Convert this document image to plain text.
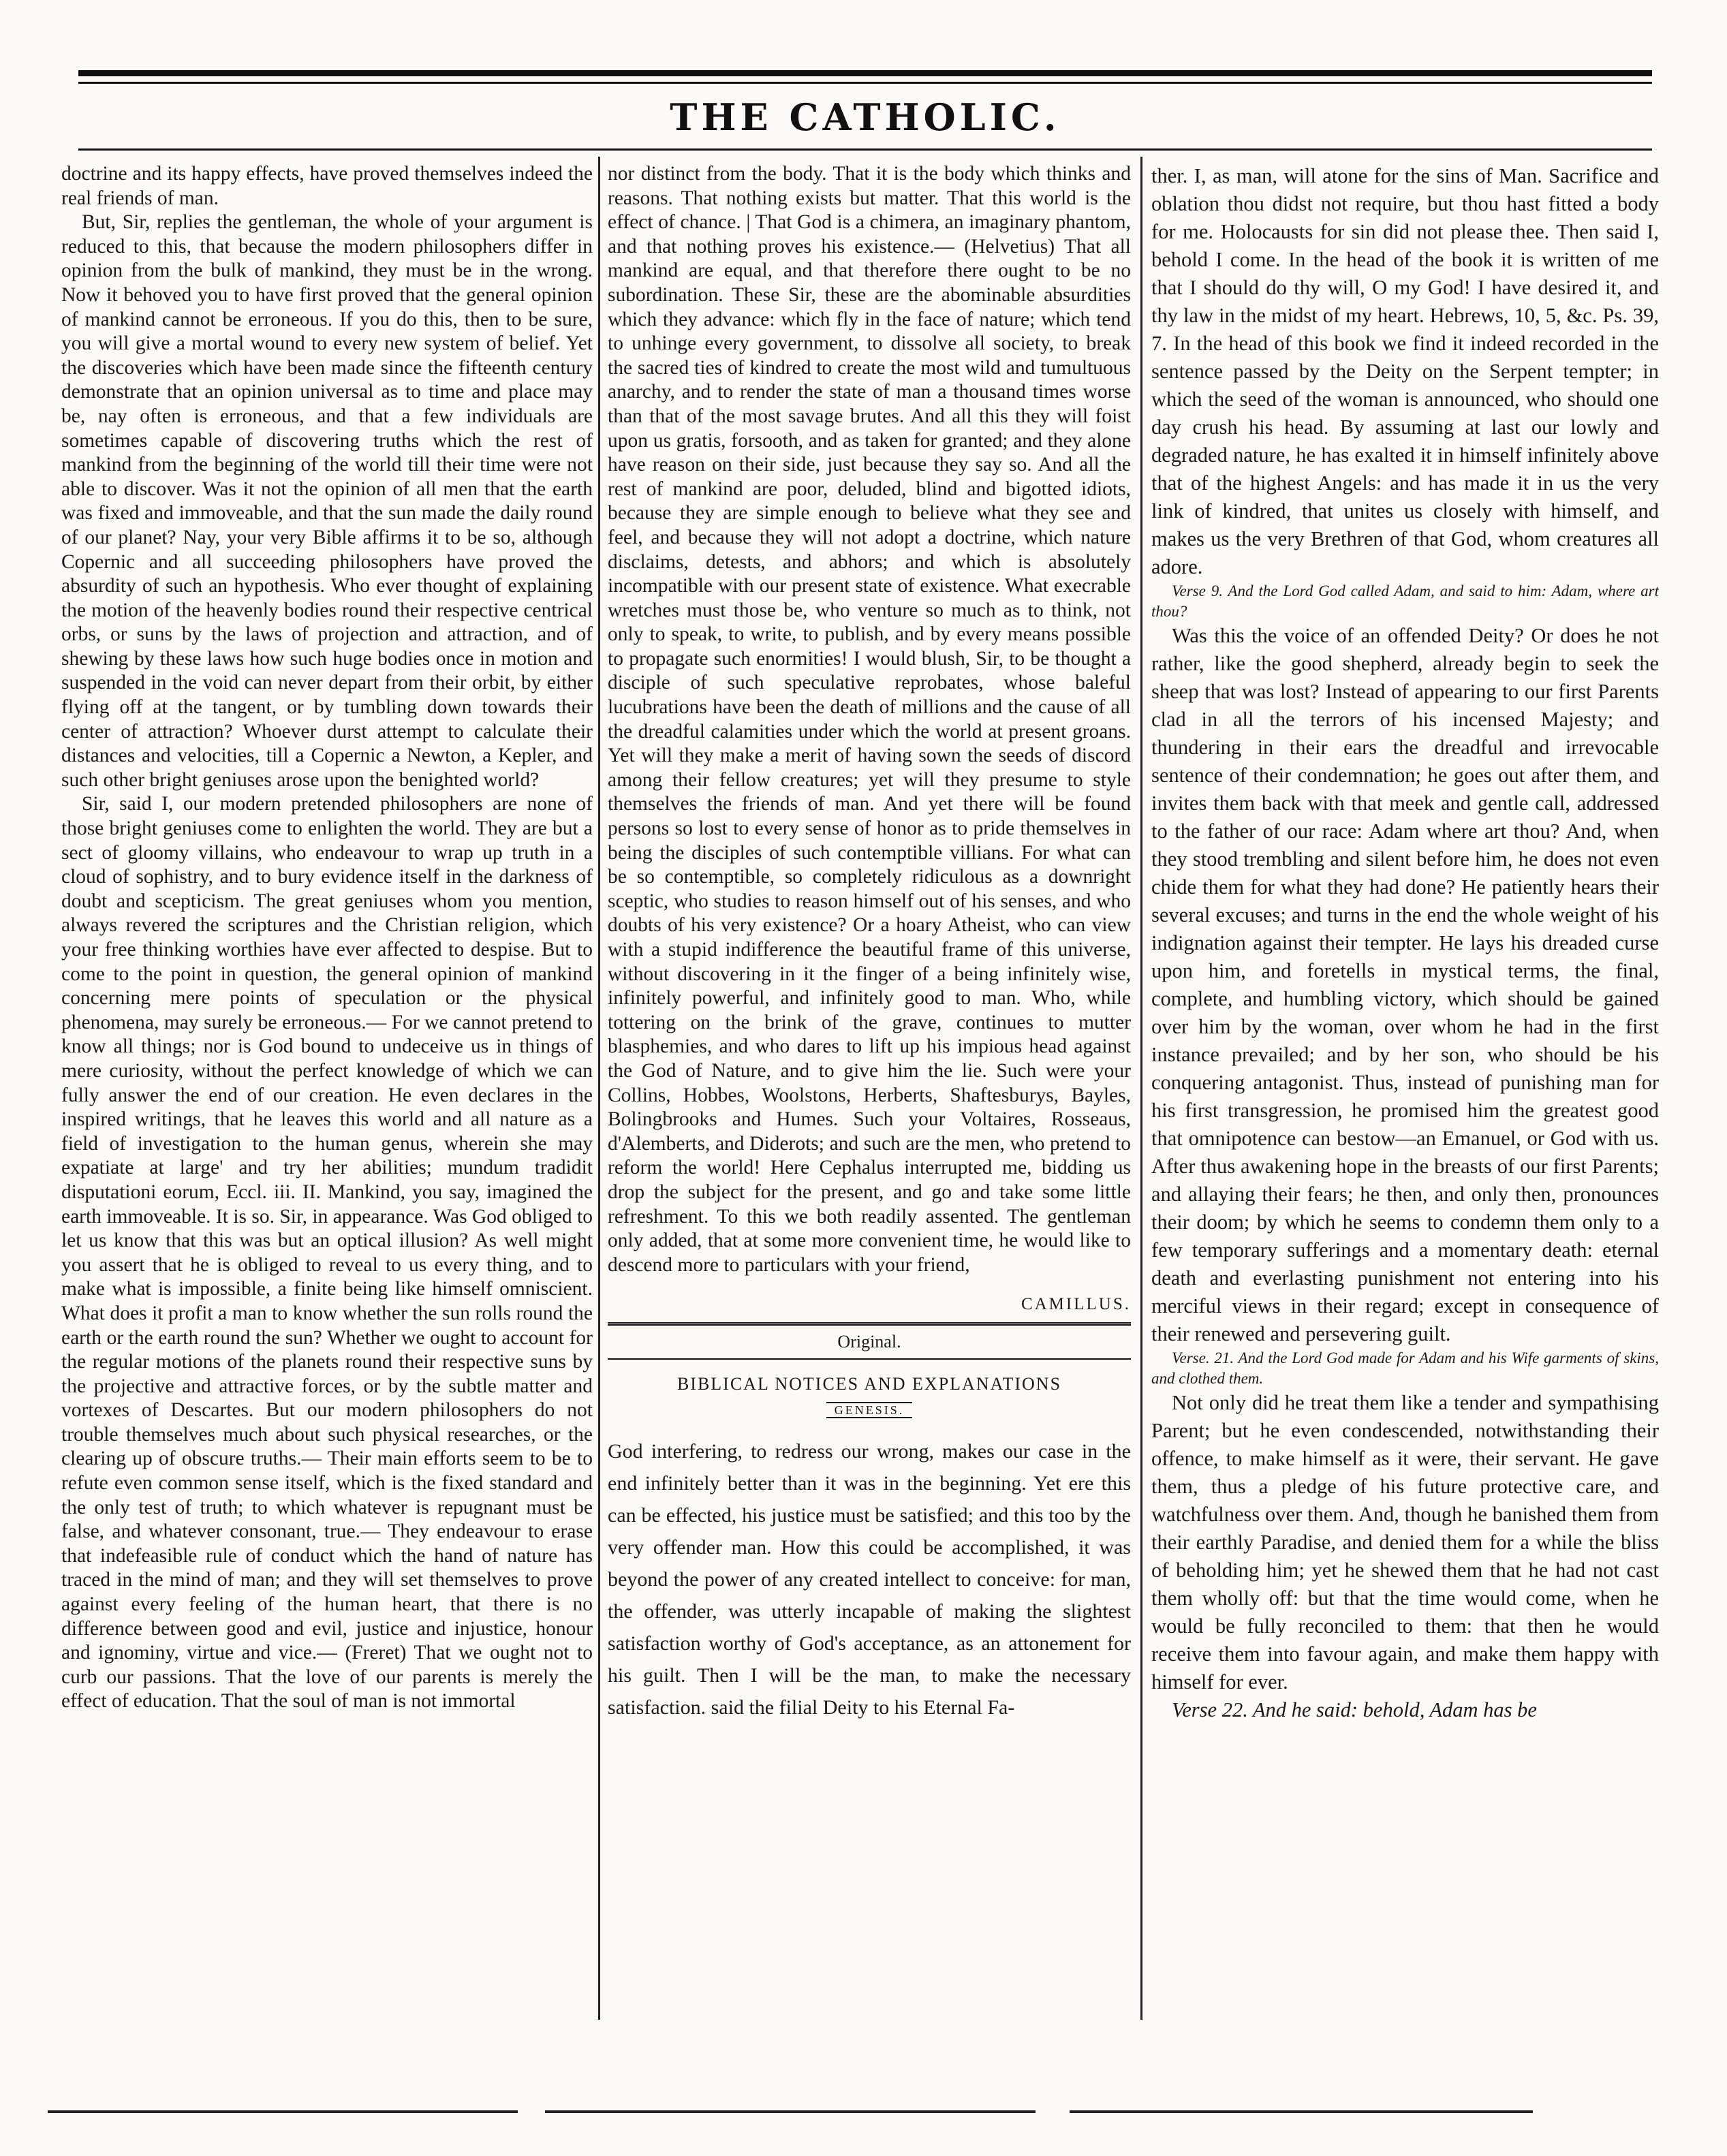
THE CATHOLIC.

doctrine and its happy effects, have proved themselves indeed the real friends of man.

But, Sir, replies the gentleman, the whole of your argument is reduced to this, that because the modern philosophers differ in opinion from the bulk of mankind, they must be in the wrong. Now it behoved you to have first proved that the general opinion of mankind cannot be erroneous. If you do this, then to be sure, you will give a mortal wound to every new system of belief. Yet the discoveries which have been made since the fifteenth century demonstrate that an opinion universal as to time and place may be, nay often is erroneous, and that a few individuals are sometimes capable of discovering truths which the rest of mankind from the beginning of the world till their time were not able to discover. Was it not the opinion of all men that the earth was fixed and immoveable, and that the sun made the daily round of our planet? Nay, your very Bible affirms it to be so, although Copernic and all succeeding philosophers have proved the absurdity of such an hypothesis. Who ever thought of explaining the motion of the heavenly bodies round their respective centrical orbs, or suns by the laws of projection and attraction, and of shewing by these laws how such huge bodies once in motion and suspended in the void can never depart from their orbit, by either flying off at the tangent, or by tumbling down towards their center of attraction? Whoever durst attempt to calculate their distances and velocities, till a Copernic a Newton, a Kepler, and such other bright geniuses arose upon the benighted world?

Sir, said I, our modern pretended philosophers are none of those bright geniuses come to enlighten the world. They are but a sect of gloomy villains, who endeavour to wrap up truth in a cloud of sophistry, and to bury evidence itself in the darkness of doubt and scepticism. The great geniuses whom you mention, always revered the scriptures and the Christian religion, which your free thinking worthies have ever affected to despise. But to come to the point in question, the general opinion of mankind concerning mere points of speculation or the physical phenomena, may surely be erroneous.— For we cannot pretend to know all things; nor is God bound to undeceive us in things of mere curiosity, without the perfect knowledge of which we can fully answer the end of our creation. He even declares in the inspired writings, that he leaves this world and all nature as a field of investigation to the human genus, wherein she may expatiate at large' and try her abilities; mundum tradidit disputationi eorum, Eccl. iii. II. Mankind, you say, imagined the earth immoveable. It is so. Sir, in appearance. Was God obliged to let us know that this was but an optical illusion? As well might you assert that he is obliged to reveal to us every thing, and to make what is impossible, a finite being like himself omniscient. What does it profit a man to know whether the sun rolls round the earth or the earth round the sun? Whether we ought to account for the regular motions of the planets round their respective suns by the projective and attractive forces, or by the subtle matter and vortexes of Descartes. But our modern philosophers do not trouble themselves much about such physical researches, or the clearing up of obscure truths.— Their main efforts seem to be to refute even common sense itself, which is the fixed standard and the only test of truth; to which whatever is repugnant must be false, and whatever consonant, true.— They endeavour to erase that indefeasible rule of conduct which the hand of nature has traced in the mind of man; and they will set themselves to prove against every feeling of the human heart, that there is no difference between good and evil, justice and injustice, honour and ignominy, virtue and vice.— (Freret) That we ought not to curb our passions. That the love of our parents is merely the effect of education. That the soul of man is not immortal

nor distinct from the body. That it is the body which thinks and reasons. That nothing exists but matter. That this world is the effect of chance. | That God is a chimera, an imaginary phantom, and that nothing proves his existence.— (Helvetius) That all mankind are equal, and that therefore there ought to be no subordination. These Sir, these are the abominable absurdities which they advance: which fly in the face of nature; which tend to unhinge every government, to dissolve all society, to break the sacred ties of kindred to create the most wild and tumultuous anarchy, and to render the state of man a thousand times worse than that of the most savage brutes. And all this they will foist upon us gratis, forsooth, and as taken for granted; and they alone have reason on their side, just because they say so. And all the rest of mankind are poor, deluded, blind and bigotted idiots, because they are simple enough to believe what they see and feel, and because they will not adopt a doctrine, which nature disclaims, detests, and abhors; and which is absolutely incompatible with our present state of existence. What execrable wretches must those be, who venture so much as to think, not only to speak, to write, to publish, and by every means possible to propagate such enormities! I would blush, Sir, to be thought a disciple of such speculative reprobates, whose baleful lucubrations have been the death of millions and the cause of all the dreadful calamities under which the world at present groans. Yet will they make a merit of having sown the seeds of discord among their fellow creatures; yet will they presume to style themselves the friends of man. And yet there will be found persons so lost to every sense of honor as to pride themselves in being the disciples of such contemptible villians. For what can be so contemptible, so completely ridiculous as a downright sceptic, who studies to reason himself out of his senses, and who doubts of his very existence? Or a hoary Atheist, who can view with a stupid indifference the beautiful frame of this universe, without discovering in it the finger of a being infinitely wise, infinitely powerful, and infinitely good to man. Who, while tottering on the brink of the grave, continues to mutter blasphemies, and who dares to lift up his impious head against the God of Nature, and to give him the lie. Such were your Collins, Hobbes, Woolstons, Herberts, Shaftesburys, Bayles, Bolingbrooks and Humes. Such your Voltaires, Rosseaus, d'Alemberts, and Diderots; and such are the men, who pretend to reform the world! Here Cephalus interrupted me, bidding us drop the subject for the present, and go and take some little refreshment. To this we both readily assented. The gentleman only added, that at some more convenient time, he would like to descend more to particulars with your friend,

CAMILLUS.
Original.
BIBLICAL NOTICES AND EXPLANATIONS
GENESIS.

God interfering, to redress our wrong, makes our case in the end infinitely better than it was in the beginning. Yet ere this can be effected, his justice must be satisfied; and this too by the very offender man. How this could be accomplished, it was beyond the power of any created intellect to conceive: for man, the offender, was utterly incapable of making the slightest satisfaction worthy of God's acceptance, as an attonement for his guilt. Then I will be the man, to make the necessary satisfaction. said the filial Deity to his Eternal Fa-

ther. I, as man, will atone for the sins of Man. Sacrifice and oblation thou didst not require, but thou hast fitted a body for me. Holocausts for sin did not please thee. Then said I, behold I come. In the head of the book it is written of me that I should do thy will, O my God! I have desired it, and thy law in the midst of my heart. Hebrews, 10, 5, &c. Ps. 39, 7. In the head of this book we find it indeed recorded in the sentence passed by the Deity on the Serpent tempter; in which the seed of the woman is announced, who should one day crush his head. By assuming at last our lowly and degraded nature, he has exalted it in himself infinitely above that of the highest Angels: and has made it in us the very link of kindred, that unites us closely with himself, and makes us the very Brethren of that God, whom creatures all adore.

Verse 9. And the Lord God called Adam, and said to him: Adam, where art thou?

Was this the voice of an offended Deity? Or does he not rather, like the good shepherd, already begin to seek the sheep that was lost? Instead of appearing to our first Parents clad in all the terrors of his incensed Majesty; and thundering in their ears the dreadful and irrevocable sentence of their condemnation; he goes out after them, and invites them back with that meek and gentle call, addressed to the father of our race: Adam where art thou? And, when they stood trembling and silent before him, he does not even chide them for what they had done? He patiently hears their several excuses; and turns in the end the whole weight of his indignation against their tempter. He lays his dreaded curse upon him, and foretells in mystical terms, the final, complete, and humbling victory, which should be gained over him by the woman, over whom he had in the first instance prevailed; and by her son, who should be his conquering antagonist. Thus, instead of punishing man for his first transgression, he promised him the greatest good that omnipotence can bestow—an Emanuel, or God with us. After thus awakening hope in the breasts of our first Parents; and allaying their fears; he then, and only then, pronounces their doom; by which he seems to condemn them only to a few temporary sufferings and a momentary death: eternal death and everlasting punishment not entering into his merciful views in their regard; except in consequence of their renewed and persevering guilt.

Verse. 21. And the Lord God made for Adam and his Wife garments of skins, and clothed them.

Not only did he treat them like a tender and sympathising Parent; but he even condescended, notwithstanding their offence, to make himself as it were, their servant. He gave them, thus a pledge of his future protective care, and watchfulness over them. And, though he banished them from their earthly Paradise, and denied them for a while the bliss of beholding him; yet he shewed them that he had not cast them wholly off: but that the time would come, when he would be fully reconciled to them: that then he would receive them into favour again, and make them happy with himself for ever.

Verse 22. And he said: behold, Adam has be
